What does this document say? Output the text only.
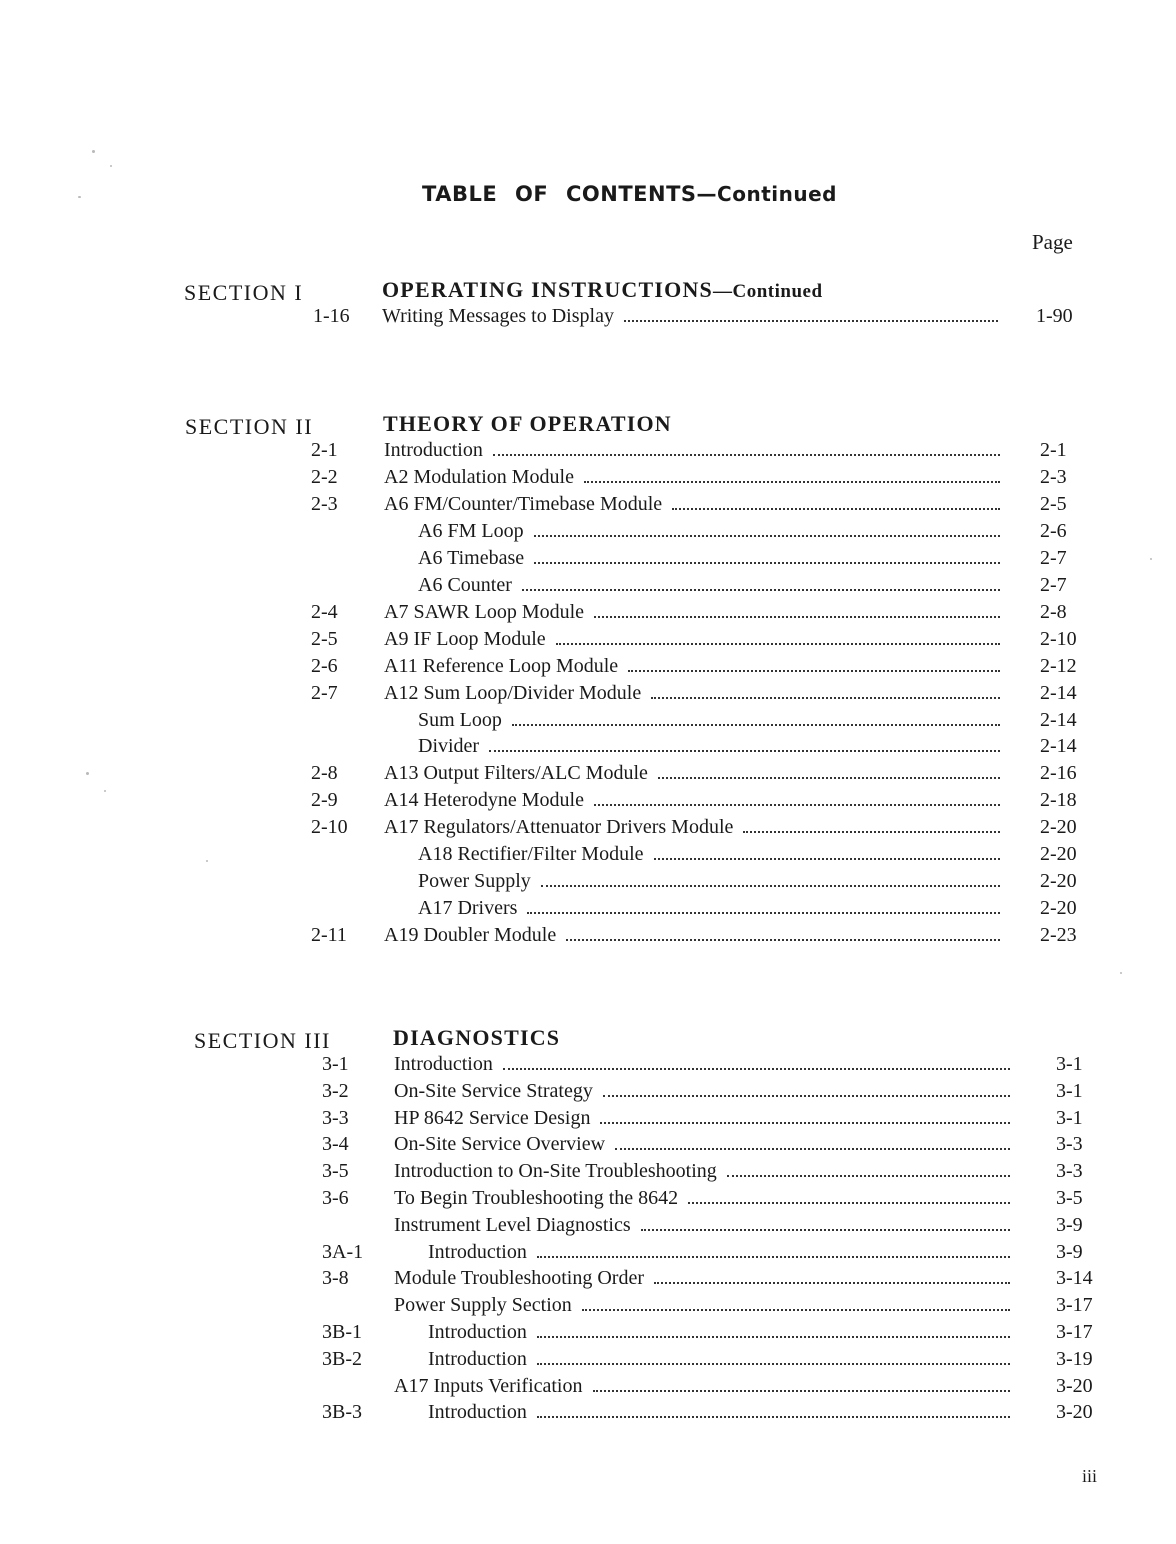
TABLE OF CONTENTS—Continued
Page
SECTION I	OPERATING INSTRUCTIONS—Continued
1-16 Writing Messages to Display	1-90
SECTION II	THEORY OF OPERATION
2-1 Introduction	2-1
2-2 A2 Modulation Module	2-3
2-3 A6 FM/Counter/Timebase Module	2-5
A6 FM Loop	2-6
A6 Timebase	2-7
A6 Counter	2-7
2-4 A7 SAWR Loop Module	2-8
2-5 A9 IF Loop Module	2-10
2-6 A11 Reference Loop Module	2-12
2-7 A12 Sum Loop/Divider Module	2-14
Sum Loop	2-14
Divider	2-14
2-8 A13 Output Filters/ALC Module	2-16
2-9 A14 Heterodyne Module	2-18
2-10 A17 Regulators/Attenuator Drivers Module	2-20
A18 Rectifier/Filter Module	2-20
Power Supply	2-20
A17 Drivers	2-20
2-11 A19 Doubler Module	2-23
SECTION III	DIAGNOSTICS
3-1 Introduction	3-1
3-2 On-Site Service Strategy	3-1
3-3 HP 8642 Service Design	3-1
3-4 On-Site Service Overview	3-3
3-5 Introduction to On-Site Troubleshooting	3-3
3-6 To Begin Troubleshooting the 8642	3-5
Instrument Level Diagnostics	3-9
3A-1	Introduction	3-9
3-8 Module Troubleshooting Order	3-14
Power Supply Section	3-17
3B-1	Introduction	3-17
3B-2	Introduction	3-19
A17 Inputs Verification	3-20
3B-3	Introduction	3-20
iii
